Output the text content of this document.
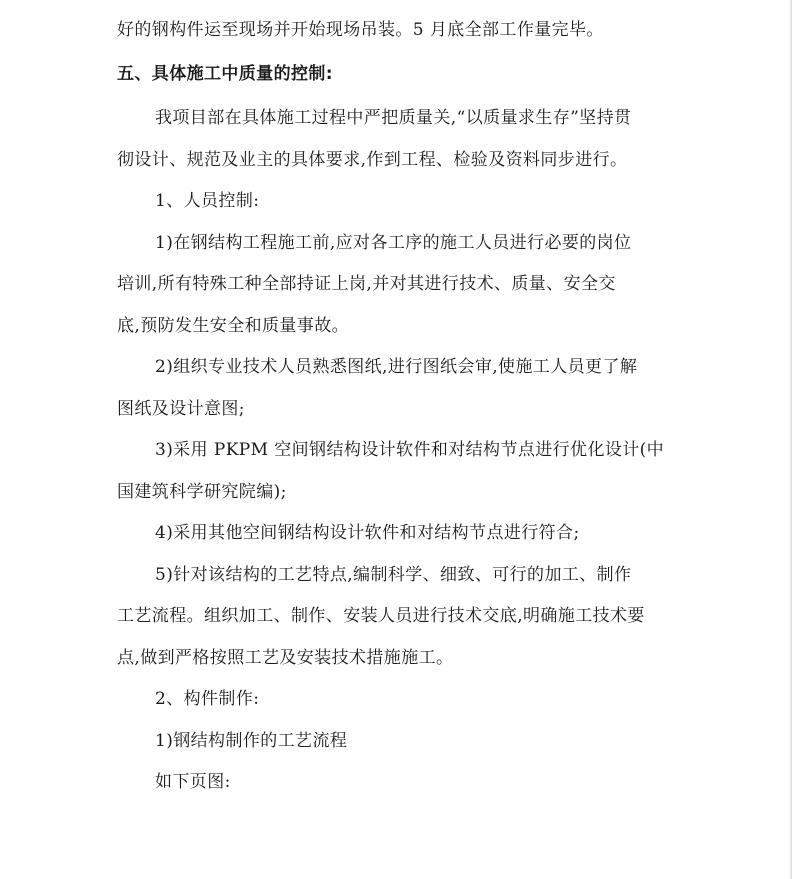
好的钢构件运至现场并开始现场吊装。5 月底全部工作量完毕。
五、具体施工中质量的控制:
我项目部在具体施工过程中严把质量关,“以质量求生存”坚持贯
彻设计、规范及业主的具体要求,作到工程、检验及资料同步进行。
1、人员控制:
1)在钢结构工程施工前,应对各工序的施工人员进行必要的岗位
培训,所有特殊工种全部持证上岗,并对其进行技术、质量、安全交
底,预防发生安全和质量事故。
2)组织专业技术人员熟悉图纸,进行图纸会审,使施工人员更了解
图纸及设计意图;
3)采用 PKPM 空间钢结构设计软件和对结构节点进行优化设计(中
国建筑科学研究院编);
4)采用其他空间钢结构设计软件和对结构节点进行符合;
5)针对该结构的工艺特点,编制科学、细致、可行的加工、制作
工艺流程。组织加工、制作、安装人员进行技术交底,明确施工技术要
点,做到严格按照工艺及安装技术措施施工。
2、构件制作:
1)钢结构制作的工艺流程
如下页图:
